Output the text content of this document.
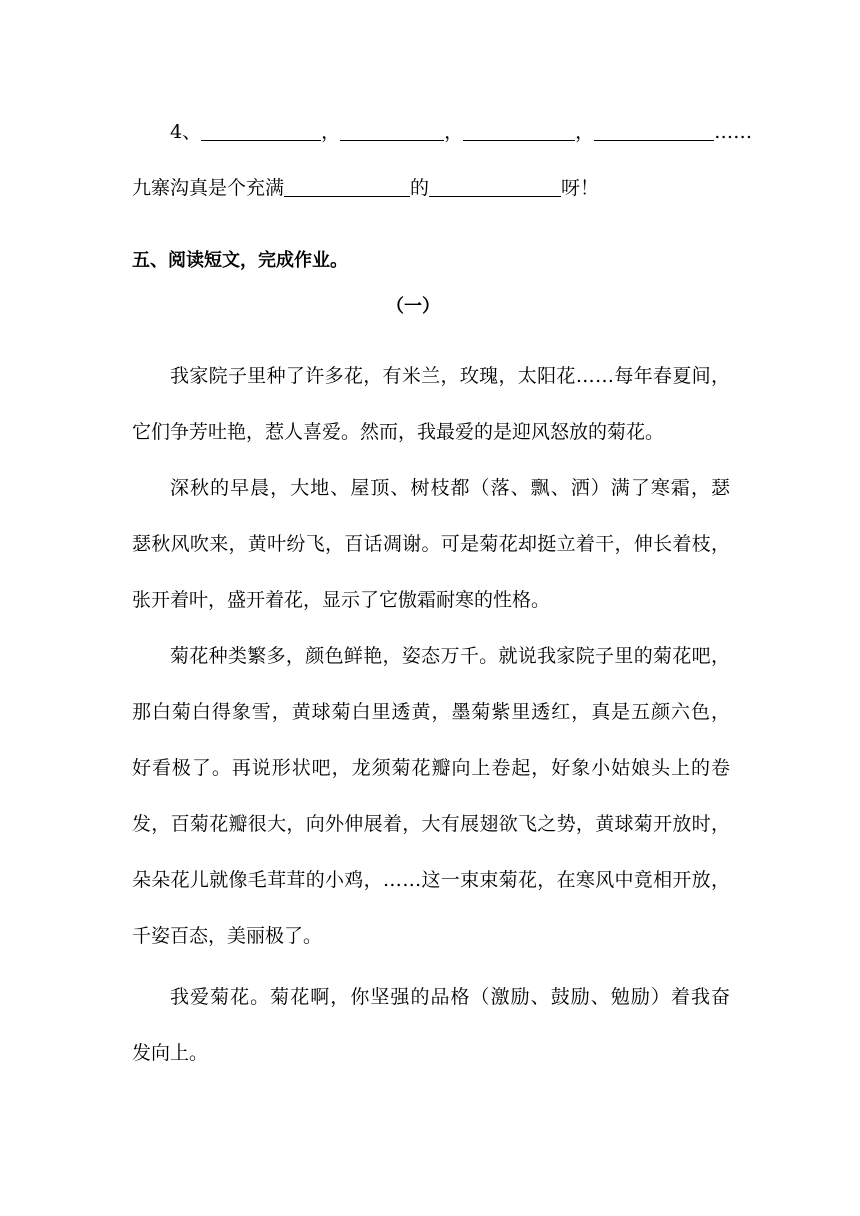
4、	，	，	，	……
九寨沟真是个充满	的	呀！
五、阅读短文，完成作业。
（一）
我家院子里种了许多花，有米兰，玫瑰，太阳花……每年春夏间，
它们争芳吐艳，惹人喜爱。然而，我最爱的是迎风怒放的菊花。
深秋的早晨，大地、屋顶、树枝都（落、飘、洒）满了寒霜，瑟
瑟秋风吹来，黄叶纷飞，百话凋谢。可是菊花却挺立着干，伸长着枝，
张开着叶，盛开着花，显示了它傲霜耐寒的性格。
菊花种类繁多，颜色鲜艳，姿态万千。就说我家院子里的菊花吧，
那白菊白得象雪，黄球菊白里透黄，墨菊紫里透红，真是五颜六色，
好看极了。再说形状吧，龙须菊花瓣向上卷起，好象小姑娘头上的卷
发，百菊花瓣很大，向外伸展着，大有展翅欲飞之势，黄球菊开放时，
朵朵花儿就像毛茸茸的小鸡，……这一束束菊花，在寒风中竟相开放，
千姿百态，美丽极了。
我爱菊花。菊花啊，你坚强的品格（激励、鼓励、勉励）着我奋
发向上。
